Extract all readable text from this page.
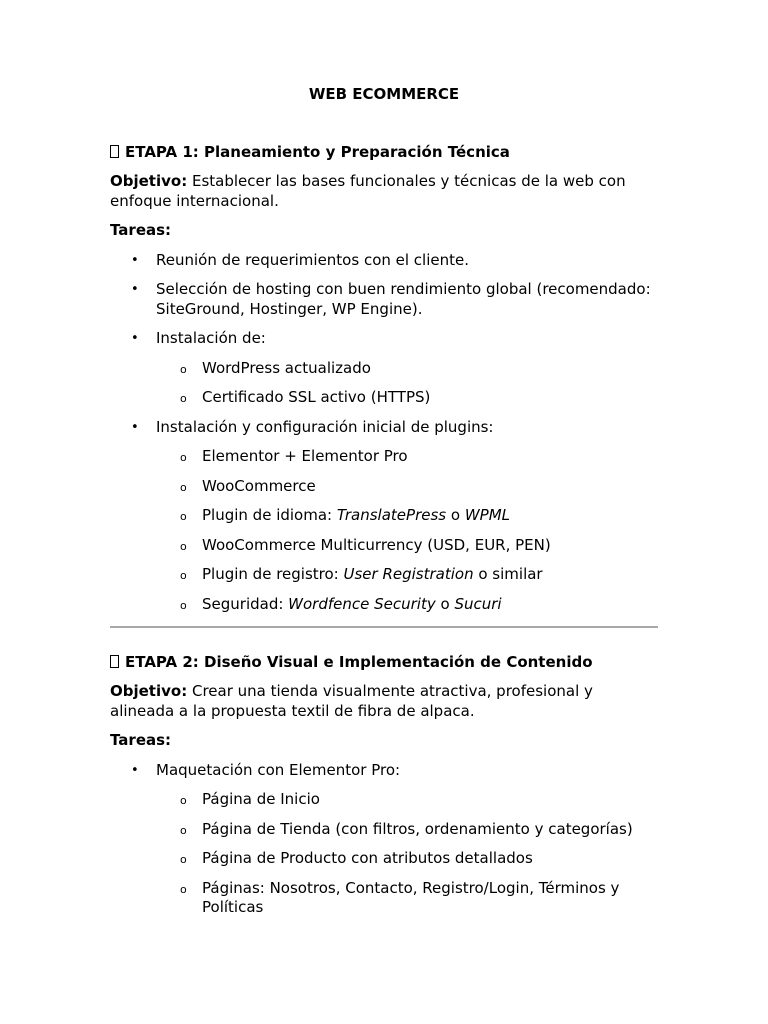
WEB ECOMMERCE
ETAPA 1: Planeamiento y Preparación Técnica
Objetivo: Establecer las bases funcionales y técnicas de la web con enfoque internacional.
Tareas:
• Reunión de requerimientos con el cliente.
• Selección de hosting con buen rendimiento global (recomendado: SiteGround, Hostinger, WP Engine).
• Instalación de:
o WordPress actualizado
o Certificado SSL activo (HTTPS)
• Instalación y configuración inicial de plugins:
o Elementor + Elementor Pro
o WooCommerce
o Plugin de idioma: TranslatePress o WPML
o WooCommerce Multicurrency (USD, EUR, PEN)
o Plugin de registro: User Registration o similar
o Seguridad: Wordfence Security o Sucuri
ETAPA 2: Diseño Visual e Implementación de Contenido
Objetivo: Crear una tienda visualmente atractiva, profesional y alineada a la propuesta textil de fibra de alpaca.
Tareas:
• Maquetación con Elementor Pro:
o Página de Inicio
o Página de Tienda (con filtros, ordenamiento y categorías)
o Página de Producto con atributos detallados
o Páginas: Nosotros, Contacto, Registro/Login, Términos y Políticas
